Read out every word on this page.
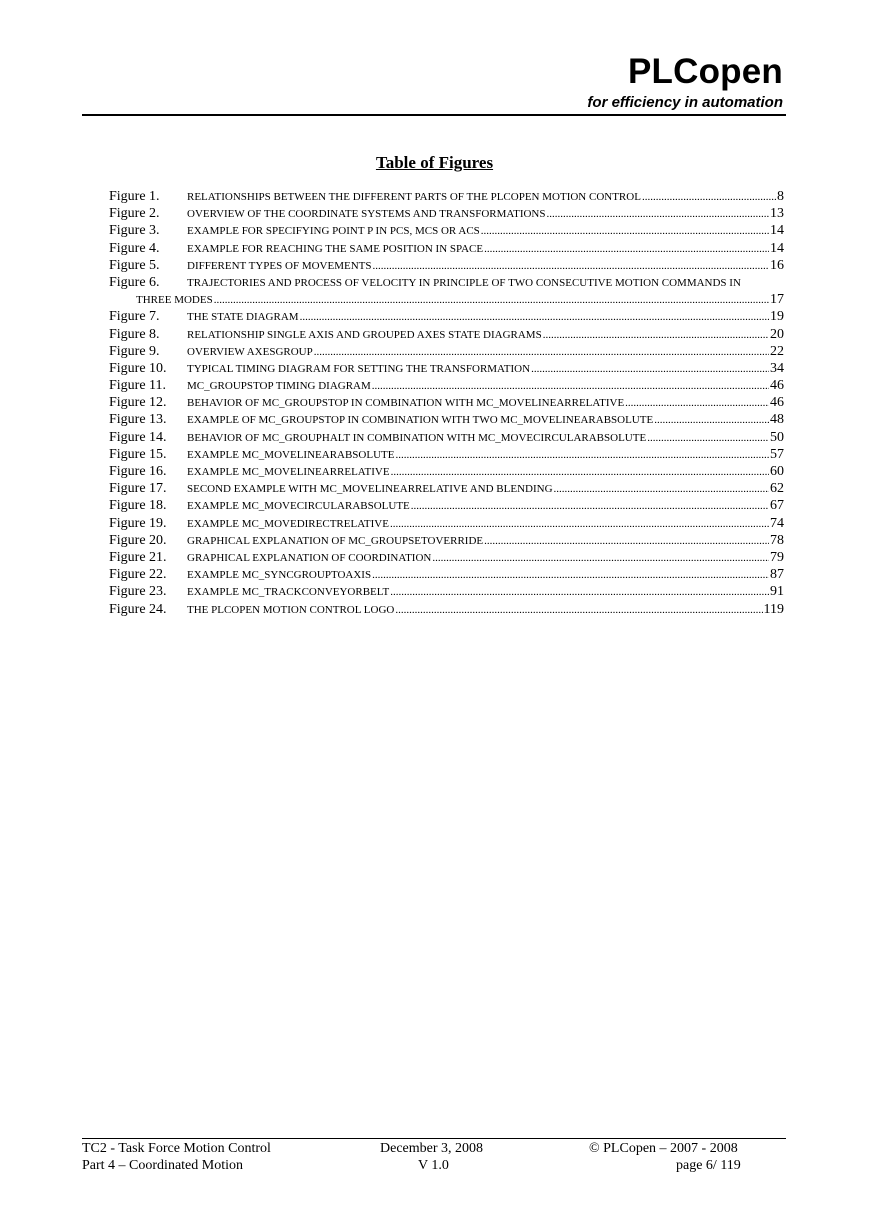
PLCopen
for efficiency in automation
Table of Figures
Figure 1.	RELATIONSHIPS BETWEEN THE DIFFERENT PARTS OF THE PLCOPEN MOTION CONTROL .....	8
Figure 2.	OVERVIEW OF THE COORDINATE SYSTEMS AND TRANSFORMATIONS .....	13
Figure 3.	EXAMPLE FOR SPECIFYING POINT P IN PCS, MCS OR ACS .....	14
Figure 4.	EXAMPLE FOR REACHING THE SAME POSITION IN SPACE .....	14
Figure 5.	DIFFERENT TYPES OF MOVEMENTS .....	16
Figure 6.	TRAJECTORIES AND PROCESS OF VELOCITY IN PRINCIPLE OF TWO CONSECUTIVE MOTION COMMANDS IN
THREE MODES .....	17
Figure 7.	THE STATE DIAGRAM .....	19
Figure 8.	RELATIONSHIP SINGLE AXIS AND GROUPED AXES STATE DIAGRAMS .....	20
Figure 9.	OVERVIEW AXESGROUP .....	22
Figure 10.	TYPICAL TIMING DIAGRAM FOR SETTING THE TRANSFORMATION .....	34
Figure 11.	MC_GROUPSTOP TIMING DIAGRAM .....	46
Figure 12.	BEHAVIOR OF MC_GROUPSTOP IN COMBINATION WITH MC_MOVELINEARRELATIVE .....	46
Figure 13.	EXAMPLE OF MC_GROUPSTOP IN COMBINATION WITH TWO MC_MOVELINEARABSOLUTE .....	48
Figure 14.	BEHAVIOR OF MC_GROUPHALT IN COMBINATION WITH MC_MOVECIRCULARABSOLUTE .....	50
Figure 15.	EXAMPLE MC_MOVELINEARABSOLUTE .....	57
Figure 16.	EXAMPLE MC_MOVELINEARRELATIVE .....	60
Figure 17.	SECOND EXAMPLE WITH MC_MOVELINEARRELATIVE AND BLENDING .....	62
Figure 18.	EXAMPLE MC_MOVECIRCULARABSOLUTE .....	67
Figure 19.	EXAMPLE MC_MOVEDIRECTRELATIVE .....	74
Figure 20.	GRAPHICAL EXPLANATION OF MC_GROUPSETOVERRIDE .....	78
Figure 21.	GRAPHICAL EXPLANATION OF COORDINATION .....	79
Figure 22.	EXAMPLE MC_SYNCGROUPTOAXIS .....	87
Figure 23.	EXAMPLE MC_TRACKCONVEYORBELT .....	91
Figure 24.	THE PLCOPEN MOTION CONTROL LOGO .....	119
TC2 - Task Force Motion Control
Part 4 – Coordinated Motion
December 3, 2008
V 1.0
© PLCopen – 2007 - 2008
page 6/ 119
